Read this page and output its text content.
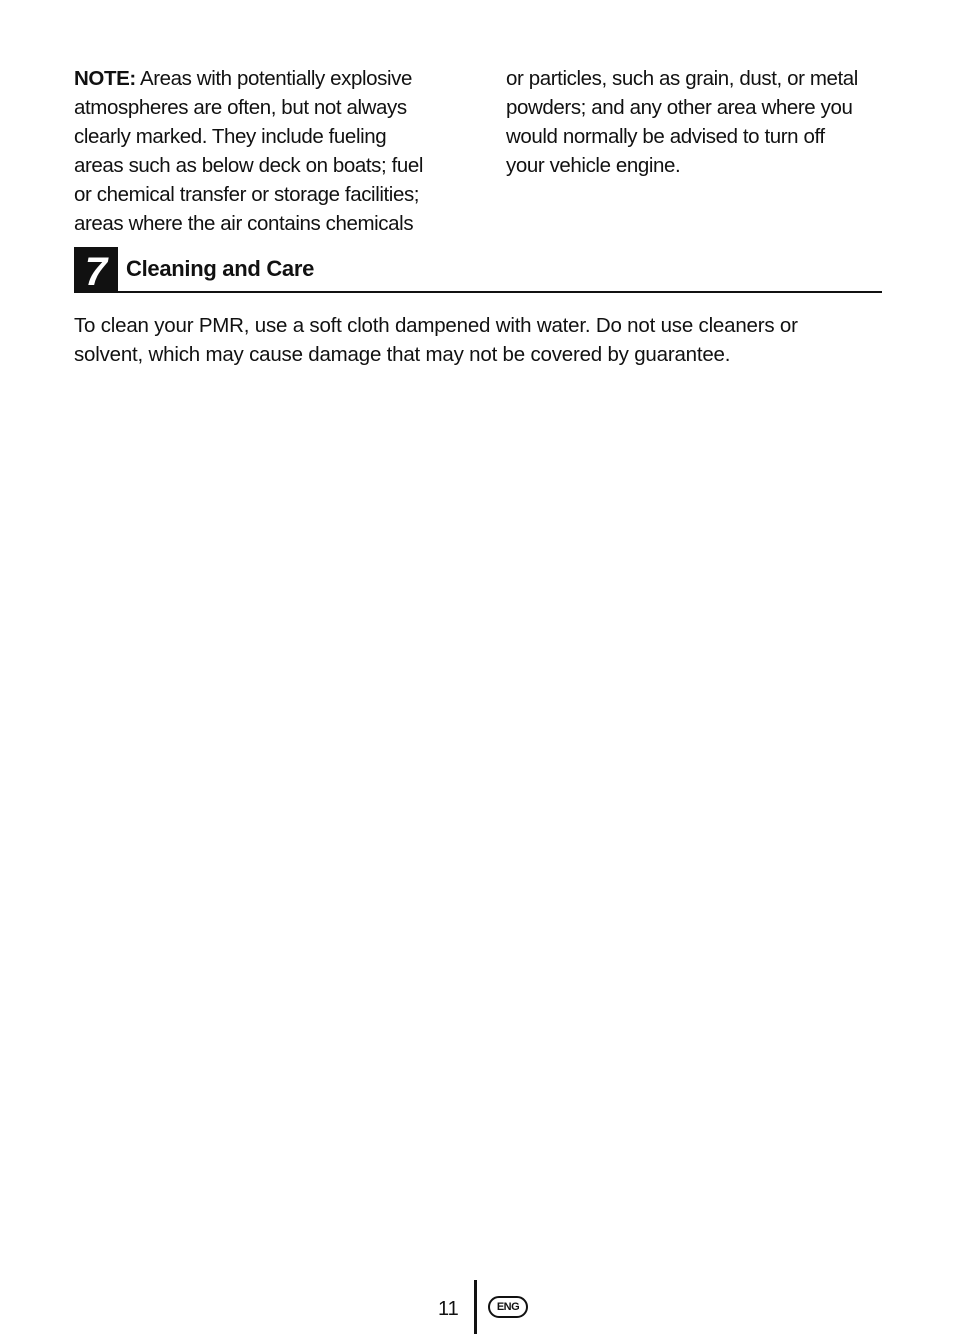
NOTE: Areas with potentially explosive
atmospheres are often, but not always
clearly marked. They include fueling
areas such as below deck on boats; fuel
or chemical transfer or storage facilities;
areas where the air contains chemicals
or particles, such as grain, dust, or metal
powders; and any other area where you
would normally be advised to turn off
your vehicle engine.
7 Cleaning and Care
To clean your PMR, use a soft cloth dampened with water. Do not use cleaners or
solvent, which may cause damage that may not be covered by guarantee.
11	ENG
